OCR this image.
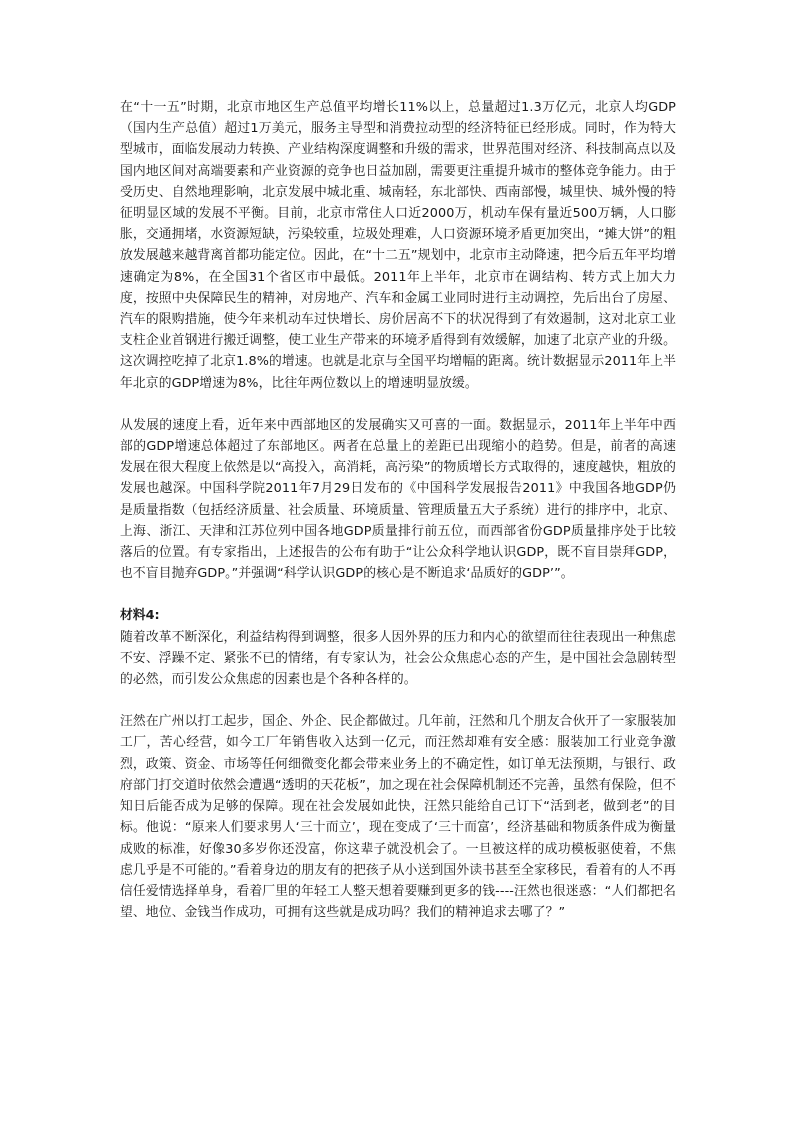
在“十一五”时期，北京市地区生产总值平均增长11%以上，总量超过1.3万亿元，北京人均GDP（国内生产总值）超过1万美元，服务主导型和消费拉动型的经济特征已经形成。同时，作为特大型城市，面临发展动力转换、产业结构深度调整和升级的需求，世界范围对经济、科技制高点以及国内地区间对高端要素和产业资源的竞争也日益加剧，需要更注重提升城市的整体竞争能力。由于受历史、自然地理影响，北京发展中城北重、城南轻，东北部快、西南部慢，城里快、城外慢的特征明显区域的发展不平衡。目前，北京市常住人口近2000万，机动车保有量近500万辆，人口膨胀，交通拥堵，水资源短缺，污染较重，垃圾处理难，人口资源环境矛盾更加突出，“摊大饼”的粗放发展越来越背离首都功能定位。因此，在“十二五”规划中，北京市主动降速，把今后五年平均增速确定为8%，在全国31个省区市中最低。2011年上半年，北京市在调结构、转方式上加大力度，按照中央保障民生的精神，对房地产、汽车和金属工业同时进行主动调控，先后出台了房屋、汽车的限购措施，使今年来机动车过快增长、房价居高不下的状况得到了有效遏制，这对北京工业支柱企业首钢进行搬迁调整，使工业生产带来的环境矛盾得到有效缓解，加速了北京产业的升级。这次调控吃掉了北京1.8%的增速。也就是北京与全国平均增幅的距离。统计数据显示2011年上半年北京的GDP增速为8%，比往年两位数以上的增速明显放缓。

从发展的速度上看，近年来中西部地区的发展确实又可喜的一面。数据显示，2011年上半年中西部的GDP增速总体超过了东部地区。两者在总量上的差距已出现缩小的趋势。但是，前者的高速发展在很大程度上依然是以“高投入，高消耗，高污染”的物质增长方式取得的，速度越快，粗放的发展也越深。中国科学院2011年7月29日发布的《中国科学发展报告2011》中我国各地GDP仍是质量指数（包括经济质量、社会质量、环境质量、管理质量五大子系统）进行的排序中，北京、上海、浙江、天津和江苏位列中国各地GDP质量排行前五位，而西部省份GDP质量排序处于比较落后的位置。有专家指出，上述报告的公布有助于“让公众科学地认识GDP，既不盲目崇拜GDP，也不盲目抛弃GDP。”并强调“科学认识GDP的核心是不断追求‘品质好的GDP’”。

材料4:

随着改革不断深化，利益结构得到调整，很多人因外界的压力和内心的欲望而往往表现出一种焦虑不安、浮躁不定、紧张不已的情绪，有专家认为，社会公众焦虑心态的产生，是中国社会急剧转型的必然，而引发公众焦虑的因素也是个各种各样的。

汪然在广州以打工起步，国企、外企、民企都做过。几年前，汪然和几个朋友合伙开了一家服装加工厂，苦心经营，如今工厂年销售收入达到一亿元，而汪然却难有安全感：服装加工行业竞争激烈，政策、资金、市场等任何细微变化都会带来业务上的不确定性，如订单无法预期，与银行、政府部门打交道时依然会遭遇“透明的天花板”，加之现在社会保障机制还不完善，虽然有保险，但不知日后能否成为足够的保障。现在社会发展如此快，汪然只能给自己订下“活到老，做到老”的目标。他说：“原来人们要求男人‘三十而立’，现在变成了‘三十而富’，经济基础和物质条件成为衡量成败的标准，好像30多岁你还没富，你这辈子就没机会了。一旦被这样的成功模板驱使着，不焦虑几乎是不可能的。”看着身边的朋友有的把孩子从小送到国外读书甚至全家移民，看着有的人不再信任爱情选择单身，看着厂里的年轻工人整天想着要赚到更多的钱----汪然也很迷惑：“人们都把名望、地位、金钱当作成功，可拥有这些就是成功吗？我们的精神追求去哪了？”
